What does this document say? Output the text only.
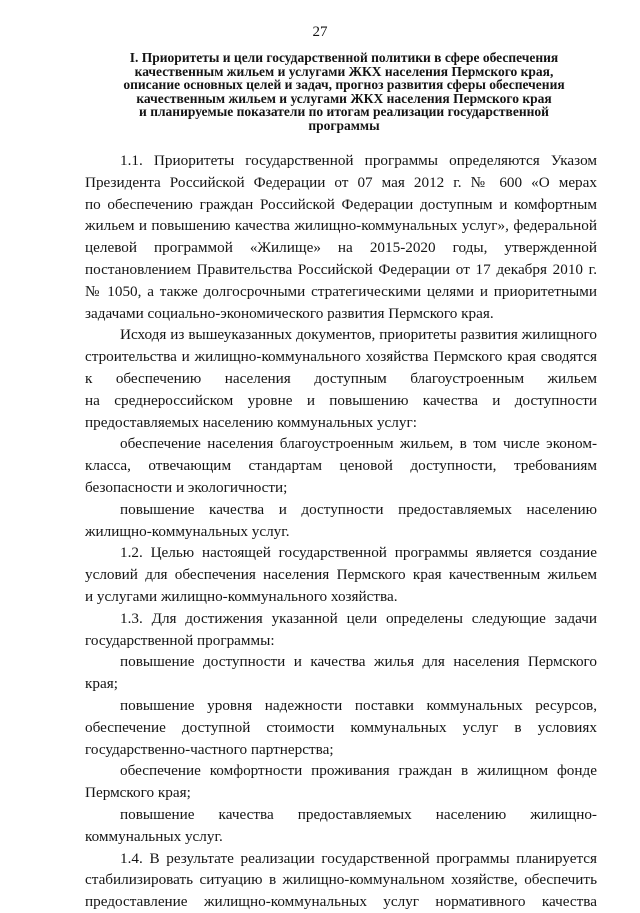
27
I. Приоритеты и цели государственной политики в сфере обеспечения
качественным жильем и услугами ЖКХ населения Пермского края,
описание основных целей и задач, прогноз развития сферы обеспечения
качественным жильем и услугами ЖКХ населения Пермского края
и планируемые показатели по итогам реализации государственной
программы
1.1. Приоритеты государственной программы определяются Указом
Президента Российской Федерации от 07 мая 2012 г. № 600 «О мерах
по обеспечению граждан Российской Федерации доступным и комфортным
жильем и повышению качества жилищно-коммунальных услуг», федеральной
целевой программой «Жилище» на 2015-2020 годы, утвержденной
постановлением Правительства Российской Федерации от 17 декабря 2010 г.
№ 1050, а также долгосрочными стратегическими целями и приоритетными
задачами социально-экономического развития Пермского края.
Исходя из вышеуказанных документов, приоритеты развития жилищного
строительства и жилищно-коммунального хозяйства Пермского края сводятся
к обеспечению населения доступным благоустроенным жильем
на среднероссийском уровне и повышению качества и доступности
предоставляемых населению коммунальных услуг:
обеспечение населения благоустроенным жильем, в том числе эконом-
класса, отвечающим стандартам ценовой доступности, требованиям
безопасности и экологичности;
повышение качества и доступности предоставляемых населению
жилищно-коммунальных услуг.
1.2. Целью настоящей государственной программы является создание
условий для обеспечения населения Пермского края качественным жильем
и услугами жилищно-коммунального хозяйства.
1.3. Для достижения указанной цели определены следующие задачи
государственной программы:
повышение доступности и качества жилья для населения Пермского края;
повышение уровня надежности поставки коммунальных ресурсов,
обеспечение доступной стоимости коммунальных услуг в условиях
государственно-частного партнерства;
обеспечение комфортности проживания граждан в жилищном фонде
Пермского края;
повышение качества предоставляемых населению жилищно-
коммунальных услуг.
1.4. В результате реализации государственной программы планируется
стабилизировать ситуацию в жилищно-коммунальном хозяйстве, обеспечить
предоставление жилищно-коммунальных услуг нормативного качества
